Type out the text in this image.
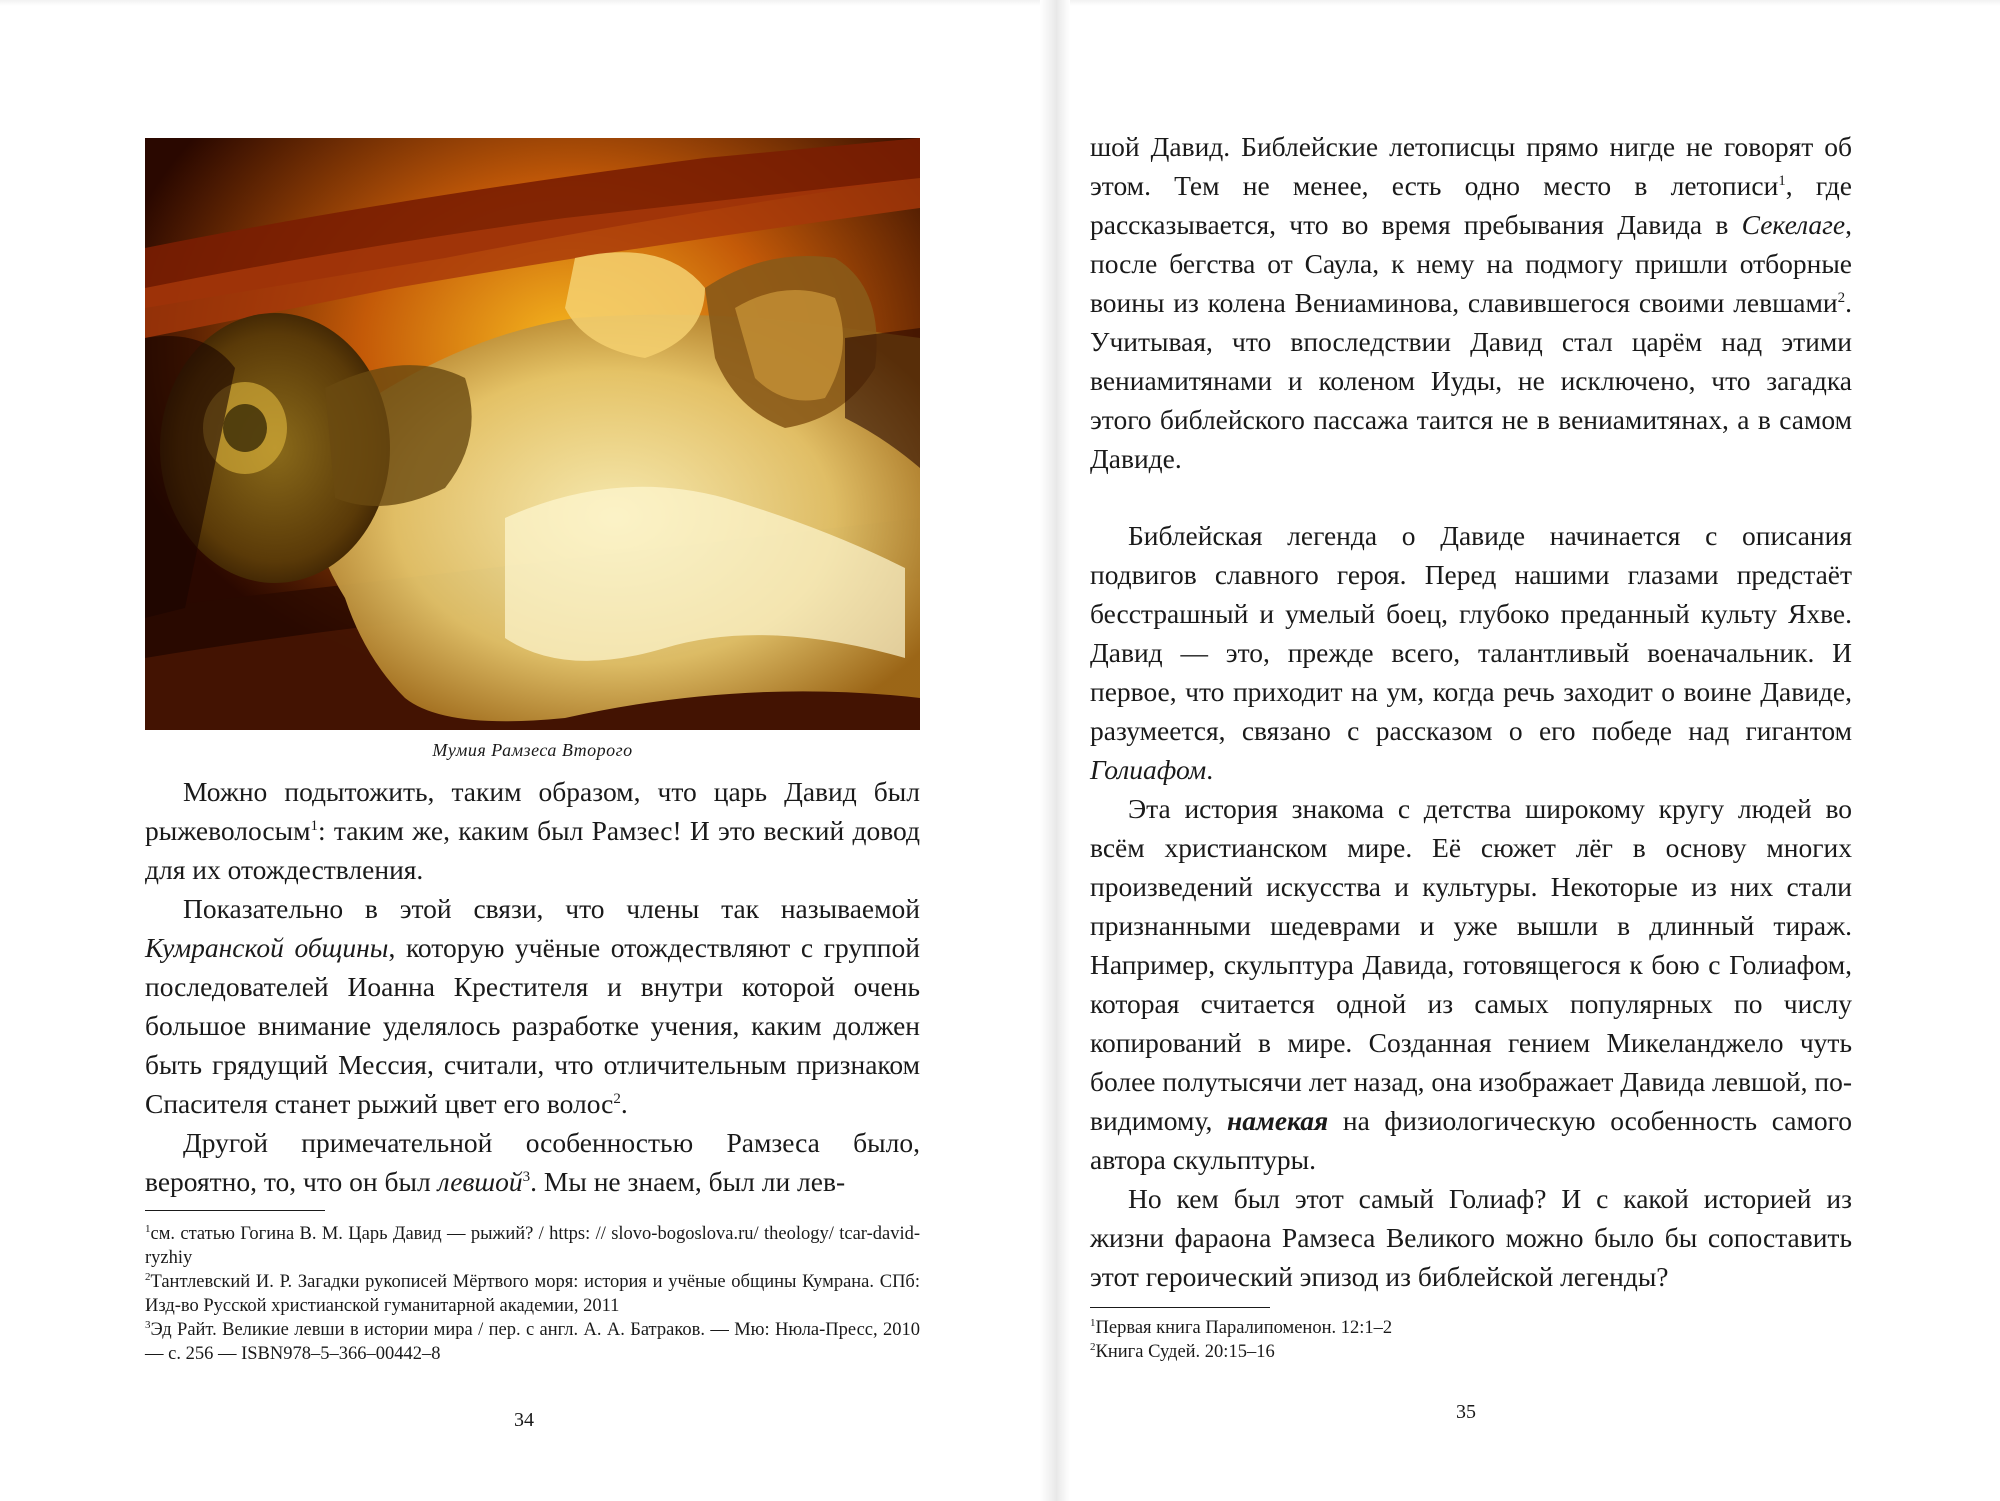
Мумия Рамзеса Второго

Можно подытожить, таким образом, что царь Давид был рыжеволосым$^1$: таким же, каким был Рамзес! И это веский довод для их отождествления.

Показательно в этой связи, что члены так называемой Кумранской общины, которую учёные отождествляют с группой последователей Иоанна Крестителя и внутри которой очень большое внимание уделялось разработке учения, каким должен быть грядущий Мессия, считали, что отличительным признаком Спасителя станет рыжий цвет его волос$^2$.

Другой примечательной особенностью Рамзеса было, вероятно, то, что он был левшой$^3$. Мы не знаем, был ли лев-

$^1$см. статью Гогина В. М. Царь Давид — рыжий? / https: // slovo-bogoslova.ru/ theology/ tcar-david-ryzhiy

$^2$Тантлевский И. Р. Загадки рукописей Мёртвого моря: история и учёные общины Кумрана. СПб: Изд-во Русской христианской гуманитарной академии, 2011

$^3$Эд Райт. Великие левши в истории мира / пер. с англ. А. А. Батраков. — Мю: Нюла-Пресс, 2010 — с. 256 — ISBN978–5–366–00442–8

34

шой Давид. Библейские летописцы прямо нигде не говорят об этом. Тем не менее, есть одно место в летописи$^1$, где рассказывается, что во время пребывания Давида в Секелаге, после бегства от Саула, к нему на подмогу пришли отборные воины из колена Вениаминова, славившегося своими левшами$^2$. Учитывая, что впоследствии Давид стал царём над этими вениамитянами и коленом Иуды, не исключено, что загадка этого библейского пассажа таится не в вениамитянах, а в самом Давиде.

Библейская легенда о Давиде начинается с описания подвигов славного героя. Перед нашими глазами предстаёт бесстрашный и умелый боец, глубоко преданный культу Яхве. Давид — это, прежде всего, талантливый военачальник. И первое, что приходит на ум, когда речь заходит о воине Давиде, разумеется, связано с рассказом о его победе над гигантом Голиафом.

Эта история знакома с детства широкому кругу людей во всём христианском мире. Её сюжет лёг в основу многих произведений искусства и культуры. Некоторые из них стали признанными шедеврами и уже вышли в длинный тираж. Например, скульптура Давида, готовящегося к бою с Голиафом, которая считается одной из самых популярных по числу копирований в мире. Созданная гением Микеланджело чуть более полутысячи лет назад, она изображает Давида левшой, по-видимому, намекая на физиологическую особенность самого автора скульптуры.

Но кем был этот самый Голиаф? И с какой историей из жизни фараона Рамзеса Великого можно было бы сопоставить этот героический эпизод из библейской легенды?

$^1$Первая книга Паралипоменон. 12:1–2

$^2$Книга Судей. 20:15–16

35
